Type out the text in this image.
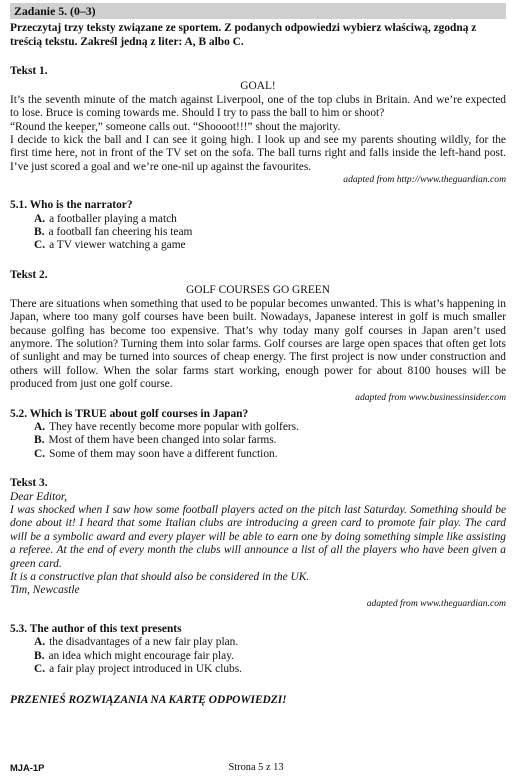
Zadanie 5. (0–3)
Przeczytaj trzy teksty związane ze sportem. Z podanych odpowiedzi wybierz właściwą, zgodną z treścią tekstu. Zakreśl jedną z liter: A, B albo C.
Tekst 1.
GOAL!

It’s the seventh minute of the match against Liverpool, one of the top clubs in Britain. And we’re expected to lose. Bruce is coming towards me. Should I try to pass the ball to him or shoot?

“Round the keeper,” someone calls out. “Shoooot!!!” shout the majority.

I decide to kick the ball and I can see it going high. I look up and see my parents shouting wildly, for the first time here, not in front of the TV set on the sofa. The ball turns right and falls inside the left-hand post. I’ve just scored a goal and we’re one-nil up against the favourites.

adapted from http://www.theguardian.com
5.1. Who is the narrator?
A. a footballer playing a match
B. a football fan cheering his team
C. a TV viewer watching a game
Tekst 2.
GOLF COURSES GO GREEN

There are situations when something that used to be popular becomes unwanted. This is what’s happening in Japan, where too many golf courses have been built. Nowadays, Japanese interest in golf is much smaller because golfing has become too expensive. That’s why today many golf courses in Japan aren’t used anymore. The solution? Turning them into solar farms. Golf courses are large open spaces that often get lots of sunlight and may be turned into sources of cheap energy. The first project is now under construction and others will follow. When the solar farms start working, enough power for about 8100 houses will be produced from just one golf course.

adapted from www.businessinsider.com
5.2. Which is TRUE about golf courses in Japan?
A. They have recently become more popular with golfers.
B. Most of them have been changed into solar farms.
C. Some of them may soon have a different function.
Tekst 3.
Dear Editor,

I was shocked when I saw how some football players acted on the pitch last Saturday. Something should be done about it! I heard that some Italian clubs are introducing a green card to promote fair play. The card will be a symbolic award and every player will be able to earn one by doing something simple like assisting a referee. At the end of every month the clubs will announce a list of all the players who have been given a green card.

It is a constructive plan that should also be considered in the UK.

Tim, Newcastle
adapted from www.theguardian.com
5.3. The author of this text presents
A. the disadvantages of a new fair play plan.
B. an idea which might encourage fair play.
C. a fair play project introduced in UK clubs.
PRZENIEŚ ROZWIĄZANIA NA KARTĘ ODPOWIEDZI!
MJA-1P	Strona 5 z 13
